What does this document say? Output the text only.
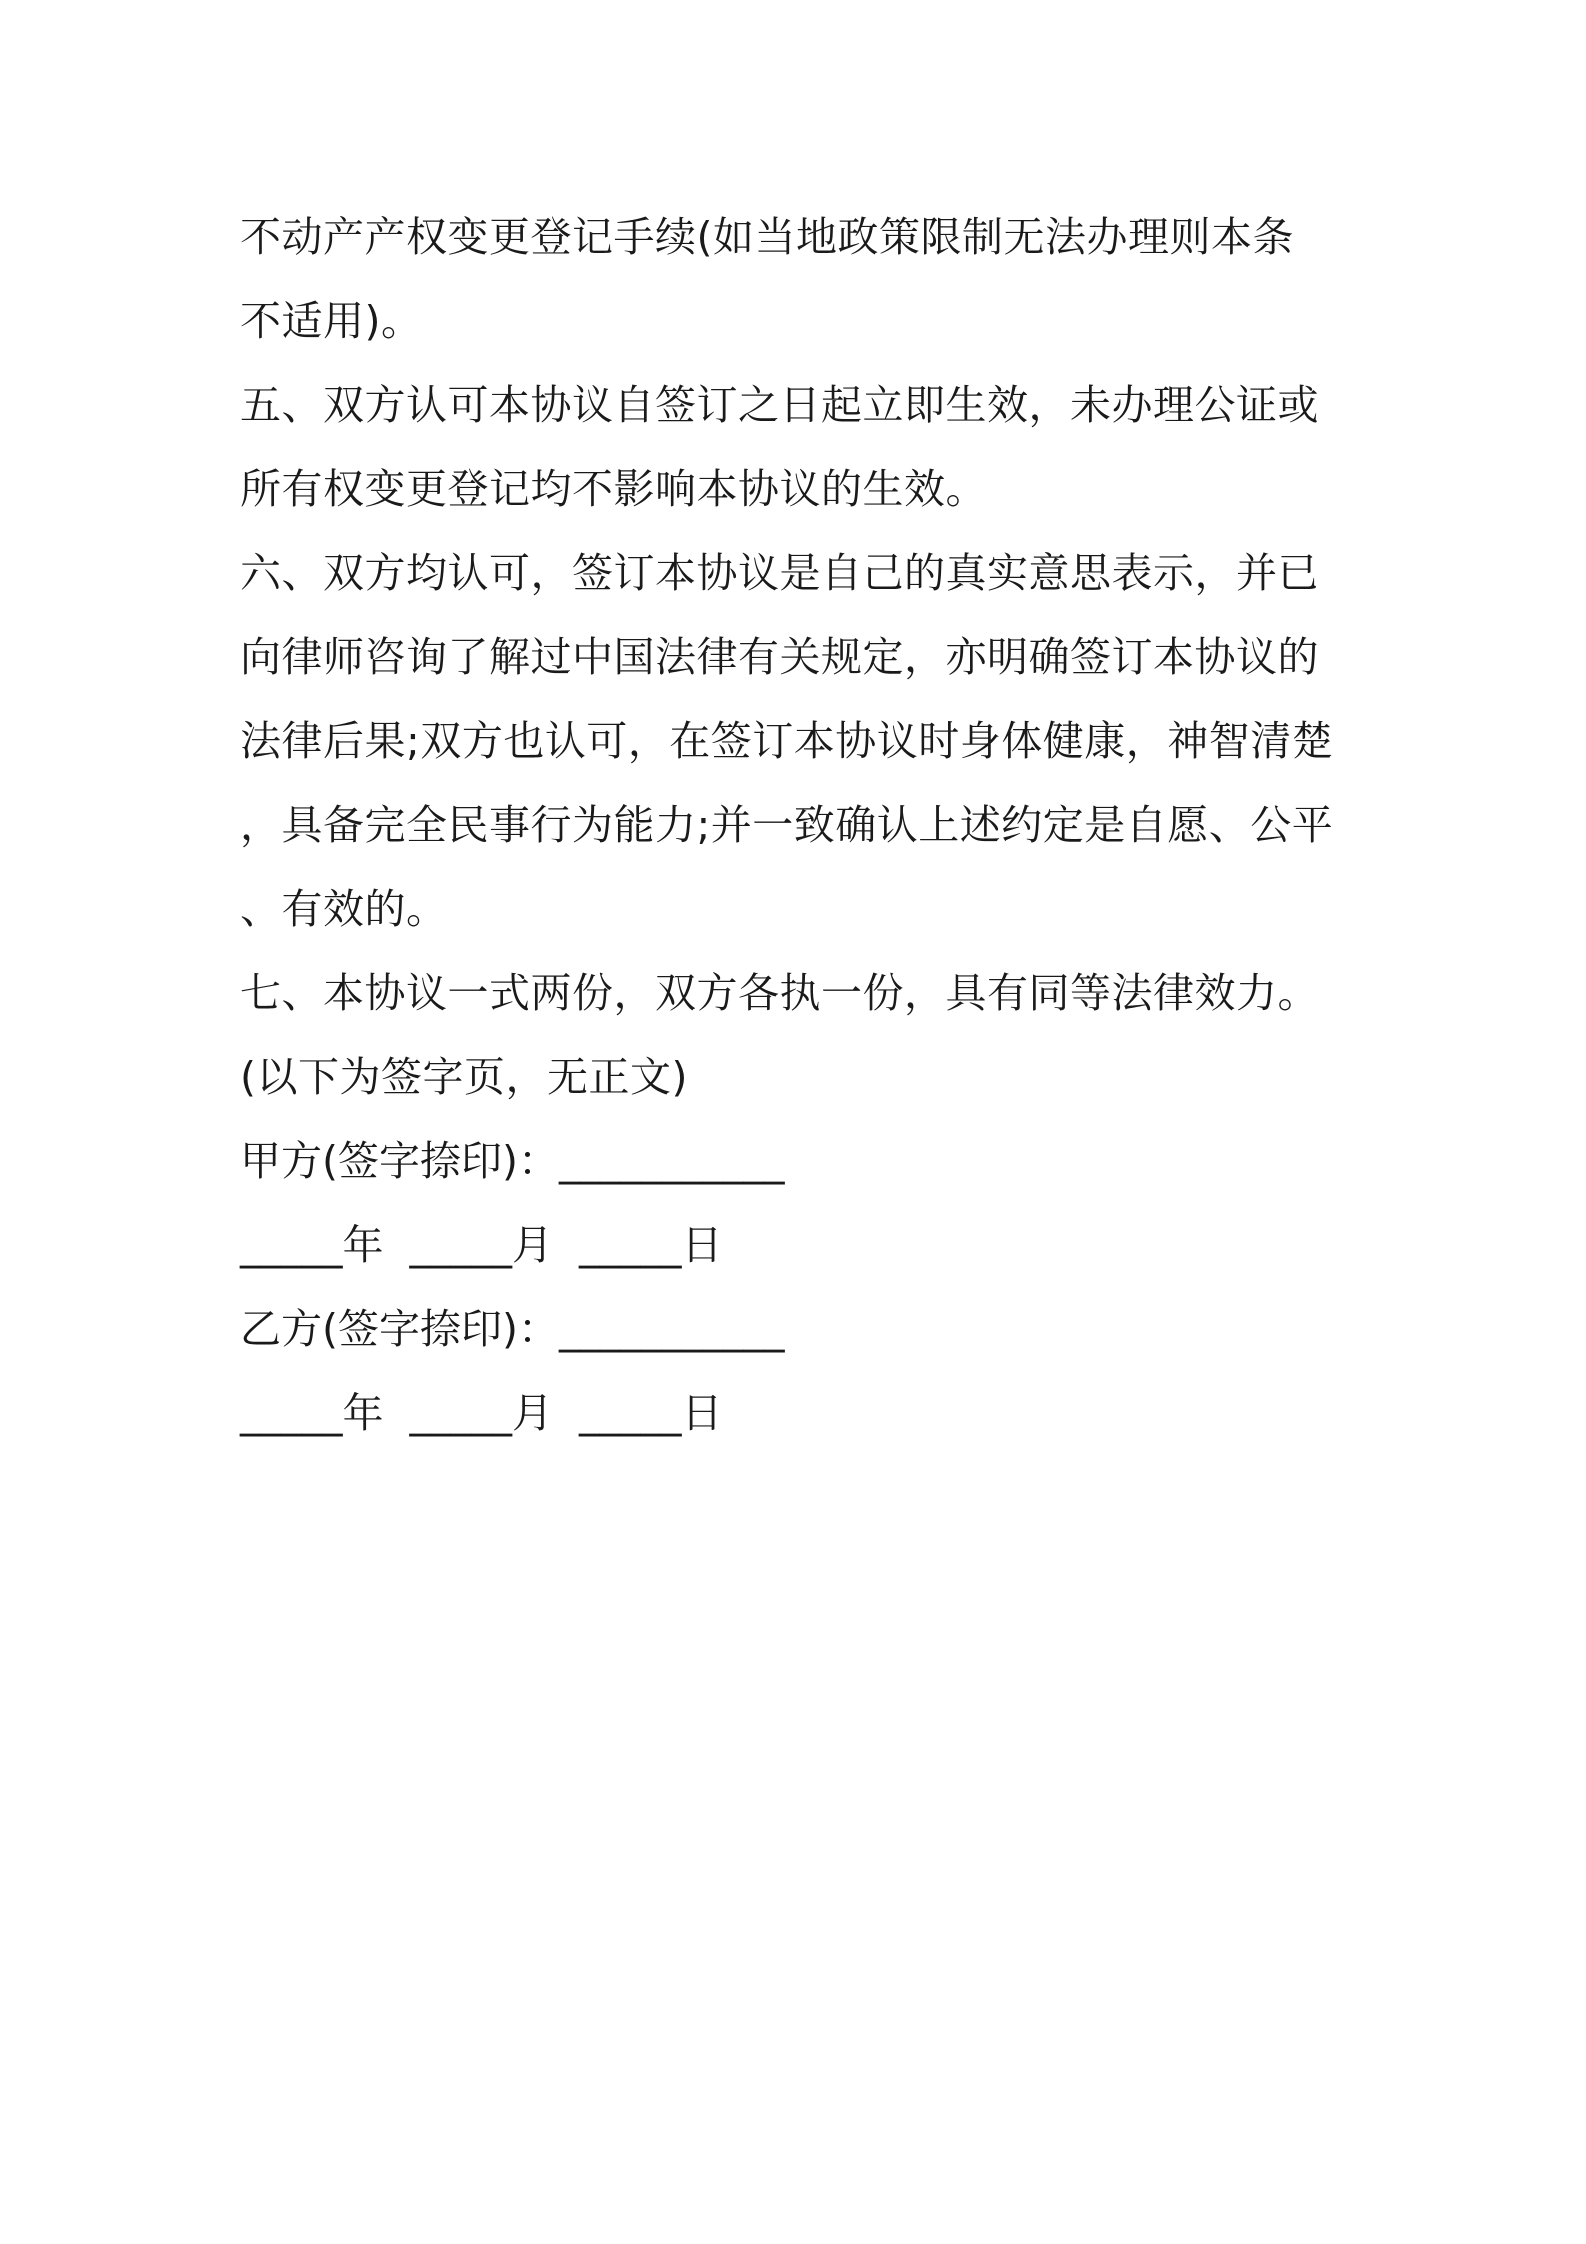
不动产产权变更登记手续(如当地政策限制无法办理则本条
不适用)。
五、双方认可本协议自签订之日起立即生效，未办理公证或
所有权变更登记均不影响本协议的生效。
六、双方均认可，签订本协议是自己的真实意思表示，并已
向律师咨询了解过中国法律有关规定，亦明确签订本协议的
法律后果;双方也认可，在签订本协议时身体健康，神智清楚
，具备完全民事行为能力;并一致确认上述约定是自愿、公平
、有效的。
七、本协议一式两份，双方各执一份，具有同等法律效力。
(以下为签字页，无正文)
甲方(签字捺印)：___________
_____年 _____月 _____日
乙方(签字捺印)：___________
_____年 _____月 _____日
